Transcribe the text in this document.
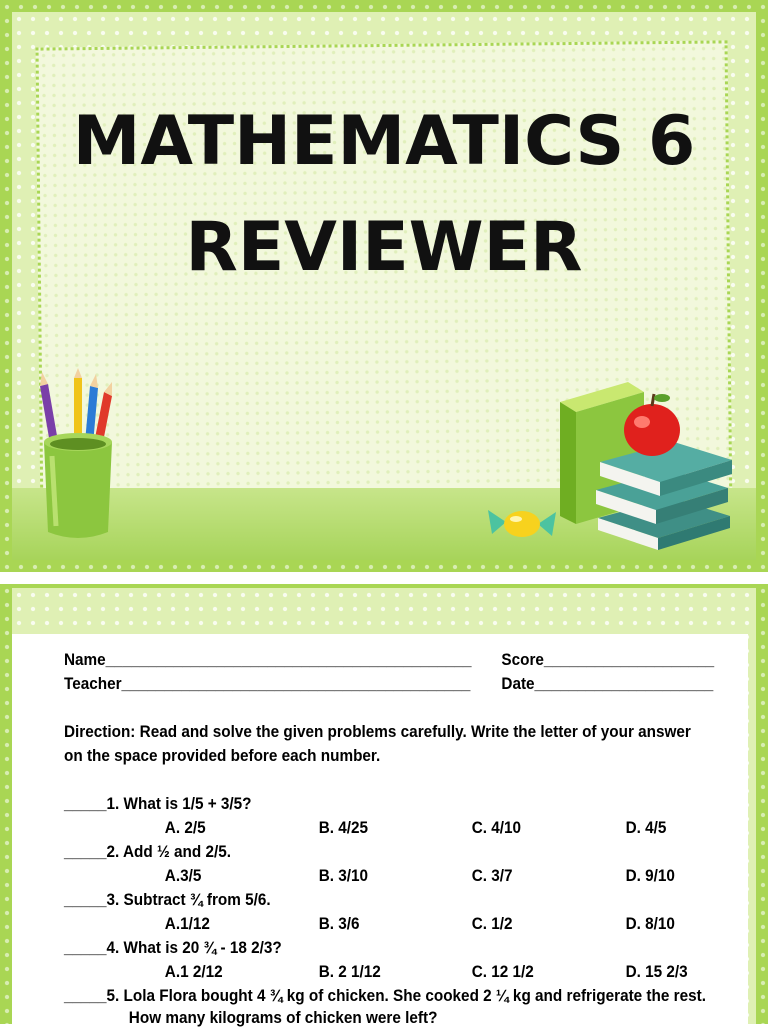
MATHEMATICS 6
REVIEWER
Name___________________________________________ Score____________________
Teacher_________________________________________ Date_____________________
Direction: Read and solve the given problems carefully. Write the letter of your answer
on the space provided before each number.
_____1. What is 1/5 + 3/5?
A. 2/5	B. 4/25	C. 4/10	D. 4/5
_____2. Add ½ and 2/5.
A.3/5	B. 3/10	C. 3/7	D. 9/10
_____3. Subtract ¾ from 5/6.
A.1/12	B. 3/6	C. 1/2	D. 8/10
_____4. What is 20 ¾ - 18 2/3?
A.1 2/12	B. 2 1/12	C. 12 1/2	D. 15 2/3
_____5. Lola Flora bought 4 ¾ kg of chicken. She cooked 2 ¼ kg and refrigerate the rest.
How many kilograms of chicken were left?
